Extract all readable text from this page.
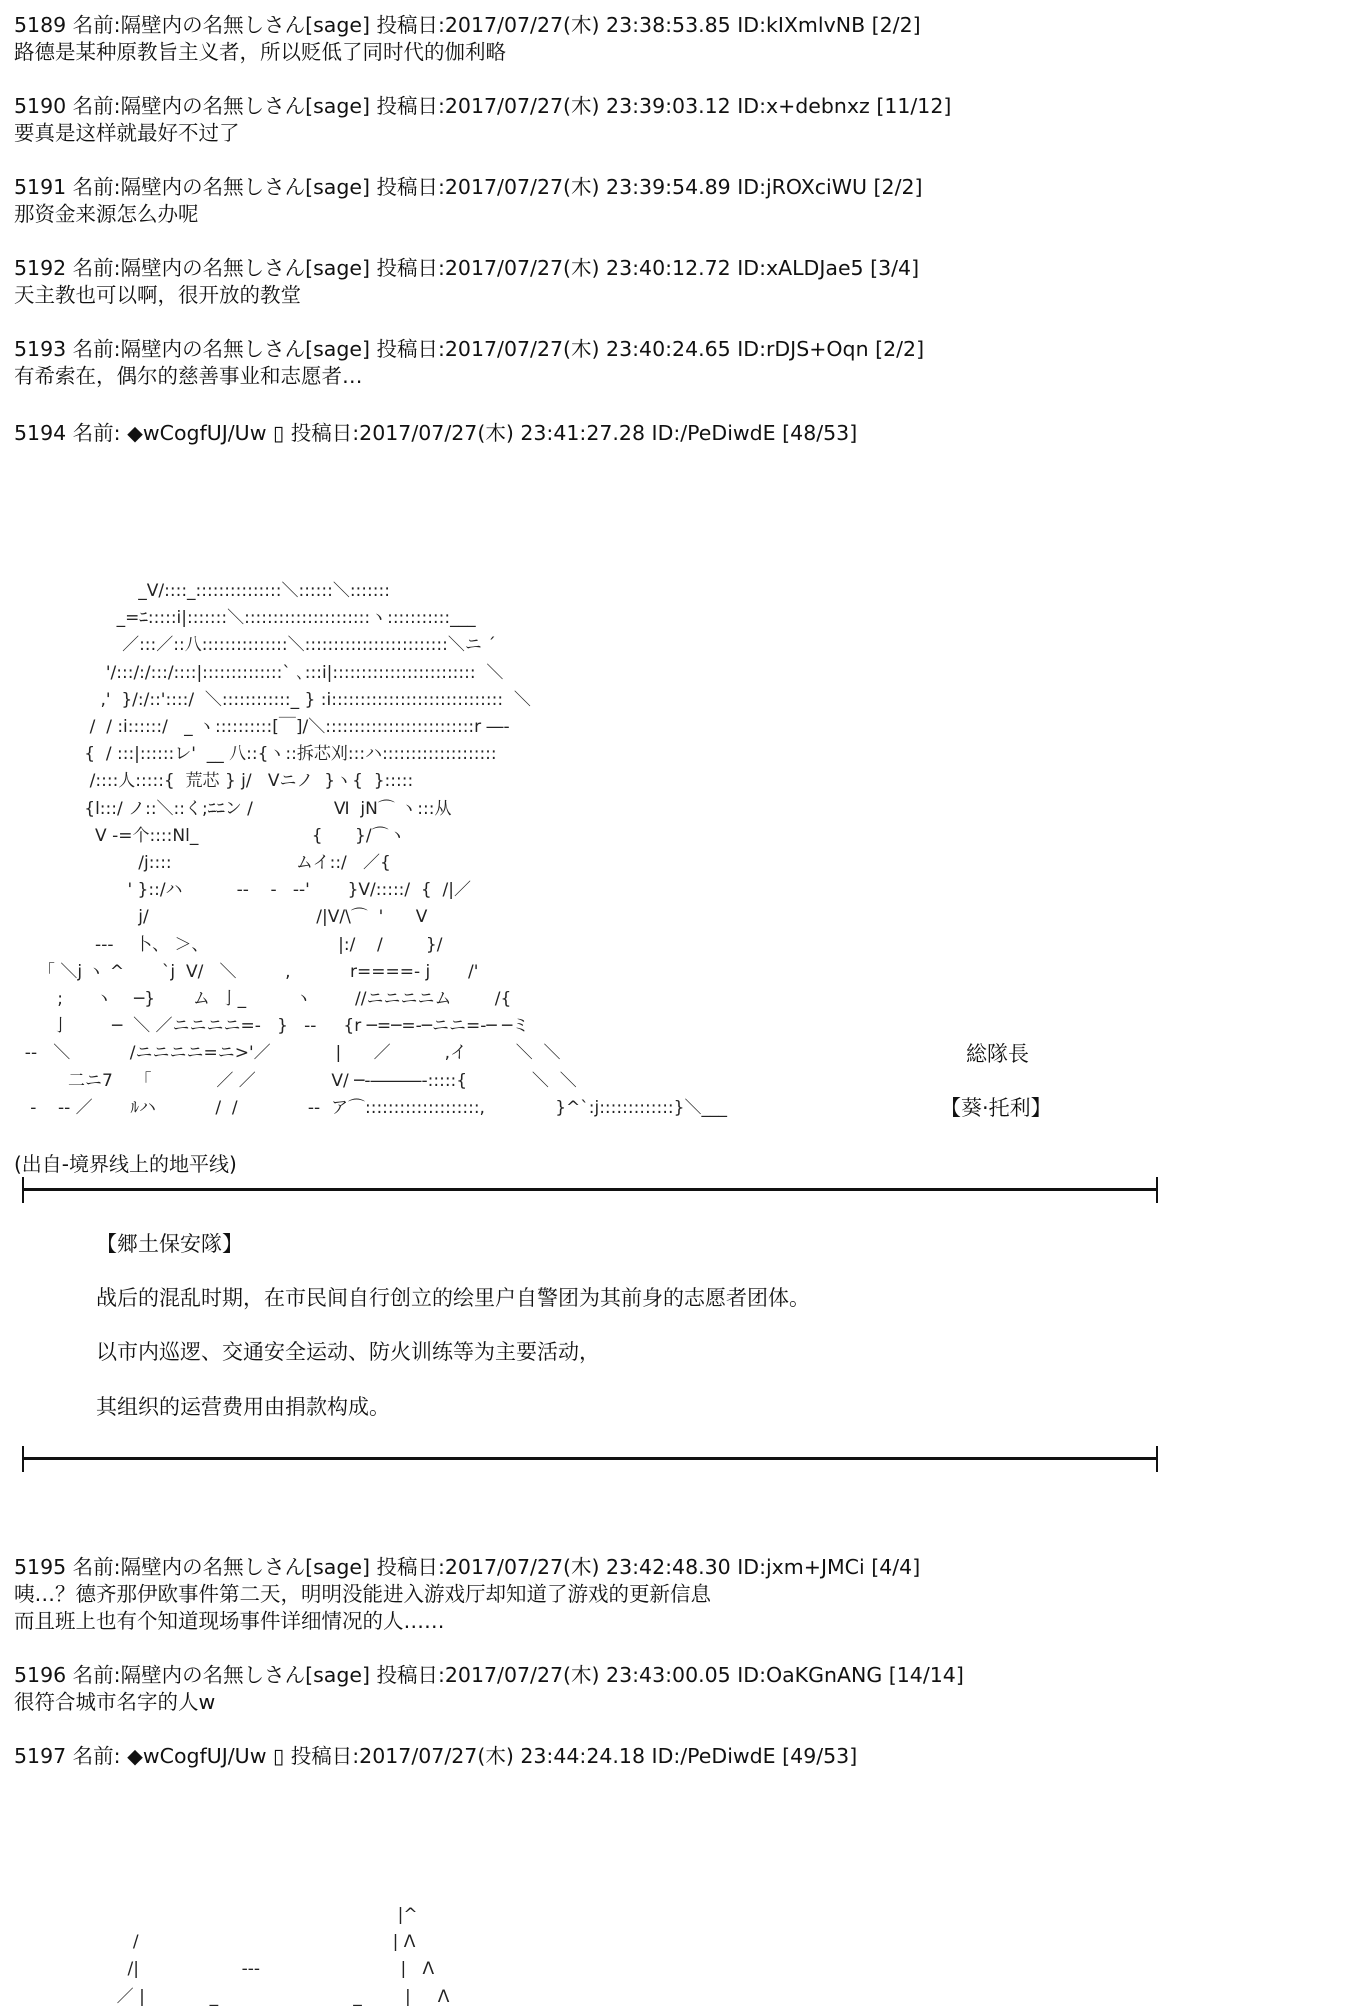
5189 名前:隔壁内の名無しさん[sage] 投稿日:2017/07/27(木) 23:38:53.85 ID:kIXmlvNB [2/2]

路德是某种原教旨主义者，所以贬低了同时代的伽利略

5190 名前:隔壁内の名無しさん[sage] 投稿日:2017/07/27(木) 23:39:03.12 ID:x+debnxz [11/12]

要真是这样就最好不过了

5191 名前:隔壁内の名無しさん[sage] 投稿日:2017/07/27(木) 23:39:54.89 ID:jROXciWU [2/2]

那资金来源怎么办呢

5192 名前:隔壁内の名無しさん[sage] 投稿日:2017/07/27(木) 23:40:12.72 ID:xALDJae5 [3/4]

天主教也可以啊，很开放的教堂

5193 名前:隔壁内の名無しさん[sage] 投稿日:2017/07/27(木) 23:40:24.65 ID:rDJS+Oqn [2/2]

有希索在，偶尔的慈善事业和志愿者…

5194 名前: ◆wCogfUJ/Uw ▯ 投稿日:2017/07/27(木) 23:41:27.28 ID:/PeDiwdE [48/53]

_V/::::_:::::::::::::::＼::::::＼:::::::
_=ﾆ:::::i|:::::::＼::::::::::::::::::::::ヽ:::::::::::___
／:::／::八:::::::::::::::＼:::::::::::::::::::::::::＼ニ ´
'/:::/:/:::/::::|::::::::::::::` ､:::i|:::::::::::::::::::::::::  ＼
,'  }/:/::'::::/  ＼::::::::::::_ } :i::::::::::::::::::::::::::::::  ＼
/  / :i::::::/   _ ヽ::::::::::[￣]/＼::::::::::::::::::::::::::r ―‐
{  / :::|::::::レ'  __ 八::{ヽ::拆芯刈:::ハ::::::::::::::::::::
/::::人:::::{  荒芯 } j/   Vニノ  }ヽ{  }:::::
{l:::/ ノ::＼::く;ﾆﾆン /               Ⅵ  jN⌒ ヽ:::从
V -=个::::Nl_                     {      }/⌒ヽ
/j::::                       ムイ::/   ／{
' }::/ハ          --    -   --'       }V/:::::/  {  /|／
j/                               /|V/\⌒  '      V
---    卜、 ＞、                        |:/    /        }/
｢ ＼j ヽ ^       `j  V/   ＼         ,           r====- j       /'
;      ヽ    ─}       ム  亅_         ヽ        //ニニニニム        /{
亅        ─  ＼ ／ニニニニ=-   }   --     {r ─=─=-─ニニ=-─ ─ミ
--   ＼           /ニニニニ=ニ>'／            |      ／          ,イ         ＼  ＼
二ニ7    「            ／ ／              V/ ─‐―――-:::::{            ＼  ＼
-    -- ／       ﾙハ           /  /             --  ア⌒::::::::::::::::::::,             }^`:j:::::::::::::}＼___
総隊長
【葵·托利】
(出自-境界线上的地平线)
【郷土保安隊】
战后的混乱时期，在市民间自行创立的绘里户自警团为其前身的志愿者团体。
以市内巡逻、交通安全运动、防火训练等为主要活动，
其组织的运营费用由捐款构成。

5195 名前:隔壁内の名無しさん[sage] 投稿日:2017/07/27(木) 23:42:48.30 ID:jxm+JMCi [4/4]

咦…？德齐那伊欧事件第二天，明明没能进入游戏厅却知道了游戏的更新信息

而且班上也有个知道现场事件详细情况的人……

5196 名前:隔壁内の名無しさん[sage] 投稿日:2017/07/27(木) 23:43:00.05 ID:OaKGnANG [14/14]

很符合城市名字的人w

5197 名前: ◆wCogfUJ/Uw ▯ 投稿日:2017/07/27(木) 23:44:24.18 ID:/PeDiwdE [49/53]

|^
/                                               | Λ
/|                   ---                          |   Λ
／ |            _                         _        |     Λ
